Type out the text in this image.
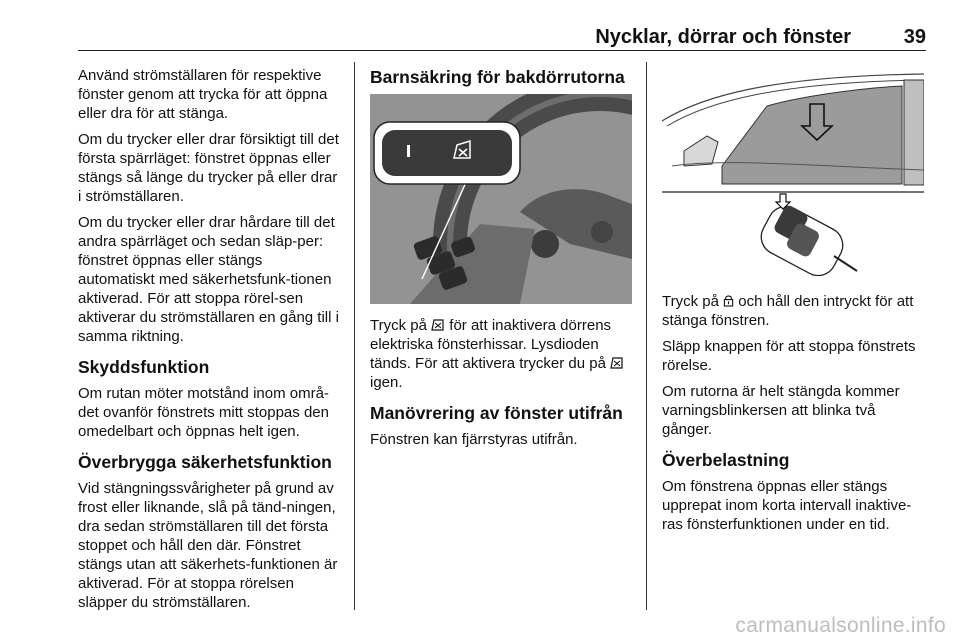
Nycklar, dörrar och fönster	39

Använd strömställaren för respektive fönster genom att trycka för att öppna eller dra för att stänga.

Om du trycker eller drar försiktigt till det första spärrläget: fönstret öppnas eller stängs så länge du trycker på eller drar i strömställaren.

Om du trycker eller drar hårdare till det andra spärrläget och sedan släp-per: fönstret öppnas eller stängs automatiskt med säkerhetsfunk-tionen aktiverad. För att stoppa rörel-sen aktiverar du strömställaren en gång till i samma riktning.

Skyddsfunktion

Om rutan möter motstånd inom områ-det ovanför fönstrets mitt stoppas den omedelbart och öppnas helt igen.

Överbrygga säkerhetsfunktion

Vid stängningssvårigheter på grund av frost eller liknande, slå på tänd-ningen, dra sedan strömställaren till det första stoppet och håll den där. Fönstret stängs utan att säkerhets-funktionen är aktiverad. För at stoppa rörelsen släpper du strömställaren.

Barnsäkring för bakdörrutorna

Tryck på för att inaktivera dörrens elektriska fönsterhissar. Lysdioden tänds. För att aktivera trycker du på  igen.

Manövrering av fönster utifrån

Fönstren kan fjärrstyras utifrån.

Tryck på och håll den intryckt för att stänga fönstren.

Släpp knappen för att stoppa fönstrets rörelse.

Om rutorna är helt stängda kommer varningsblinkersen att blinka två gånger.

Överbelastning

Om fönstrena öppnas eller stängs upprepat inom korta intervall inaktive-ras fönsterfunktionen under en tid.

carmanualsonline.info
